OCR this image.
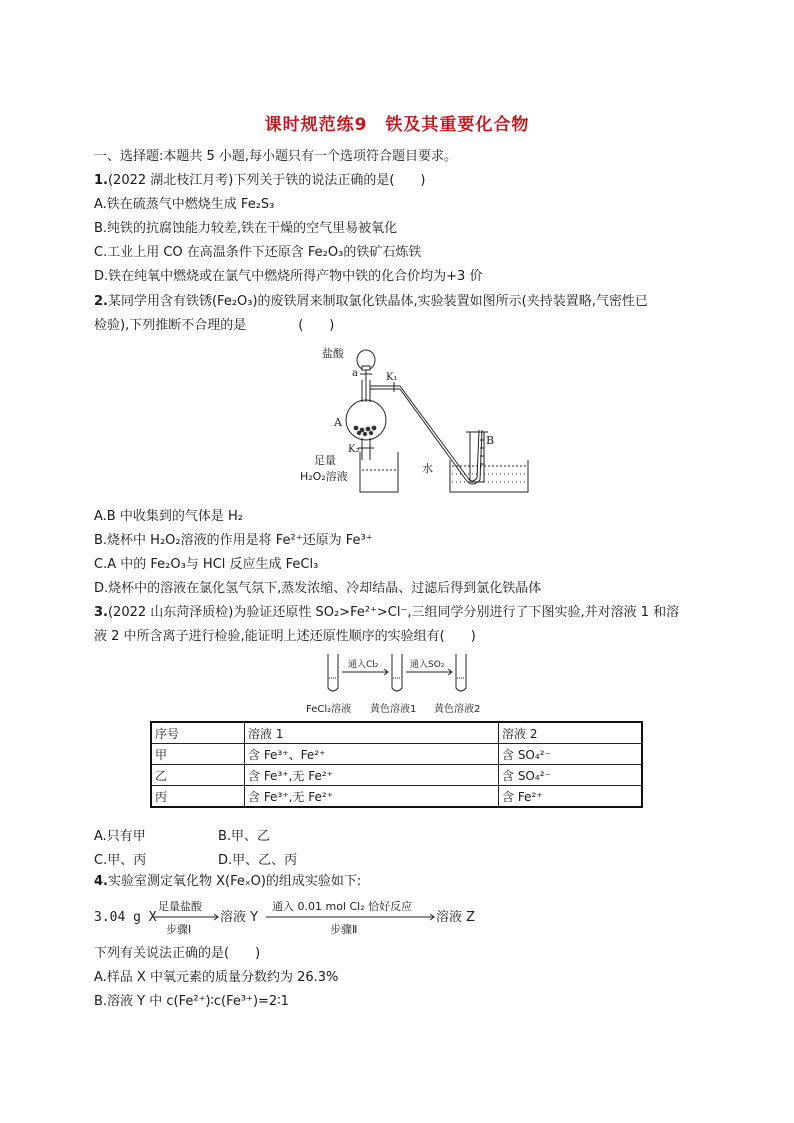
课时规范练9　铁及其重要化合物
一、选择题:本题共 5 小题,每小题只有一个选项符合题目要求。
1.(2022 湖北枝江月考)下列关于铁的说法正确的是(　　)
A.铁在硫蒸气中燃烧生成 Fe₂S₃
B.纯铁的抗腐蚀能力较差,铁在干燥的空气里易被氧化
C.工业上用 CO 在高温条件下还原含 Fe₂O₃的铁矿石炼铁
D.铁在纯氧中燃烧或在氯气中燃烧所得产物中铁的化合价均为+3 价
2.某同学用含有铁锈(Fe₂O₃)的废铁屑来制取氯化铁晶体,实验装置如图所示(夹持装置略,气密性已
检验),下列推断不合理的是　　　　(　　)
盐酸
a	K₁
A
K₂
足量
H₂O₂溶液
水
B
A.B 中收集到的气体是 H₂
B.烧杯中 H₂O₂溶液的作用是将 Fe²⁺还原为 Fe³⁺
C.A 中的 Fe₂O₃与 HCl 反应生成 FeCl₃
D.烧杯中的溶液在氯化氢气氛下,蒸发浓缩、冷却结晶、过滤后得到氯化铁晶体
3.(2022 山东菏泽质检)为验证还原性 SO₂>Fe²⁺>Cl⁻,三组同学分别进行了下图实验,并对溶液 1 和溶
液 2 中所含离子进行检验,能证明上述还原性顺序的实验组有(　　)
通入Cl₂	通入SO₂
FeCl₂溶液 黄色溶液1 黄色溶液2
序号	溶液 1	溶液 2
甲	含 Fe³⁺、Fe²⁺	含 SO₄²⁻
乙	含 Fe³⁺,无 Fe²⁺	含 SO₄²⁻
丙	含 Fe³⁺,无 Fe²⁺	含 Fe²⁺
A.只有甲	B.甲、乙
C.甲、丙	D.甲、乙、丙
4.实验室测定氧化物 X(FeₓO)的组成实验如下:
3.04 g X
足量盐酸
步骤Ⅰ
溶液 Y
通入 0.01 mol Cl₂ 恰好反应
步骤Ⅱ
溶液 Z
下列有关说法正确的是(　　)
A.样品 X 中氧元素的质量分数约为 26.3%
B.溶液 Y 中 c(Fe²⁺)∶c(Fe³⁺)=2∶1
